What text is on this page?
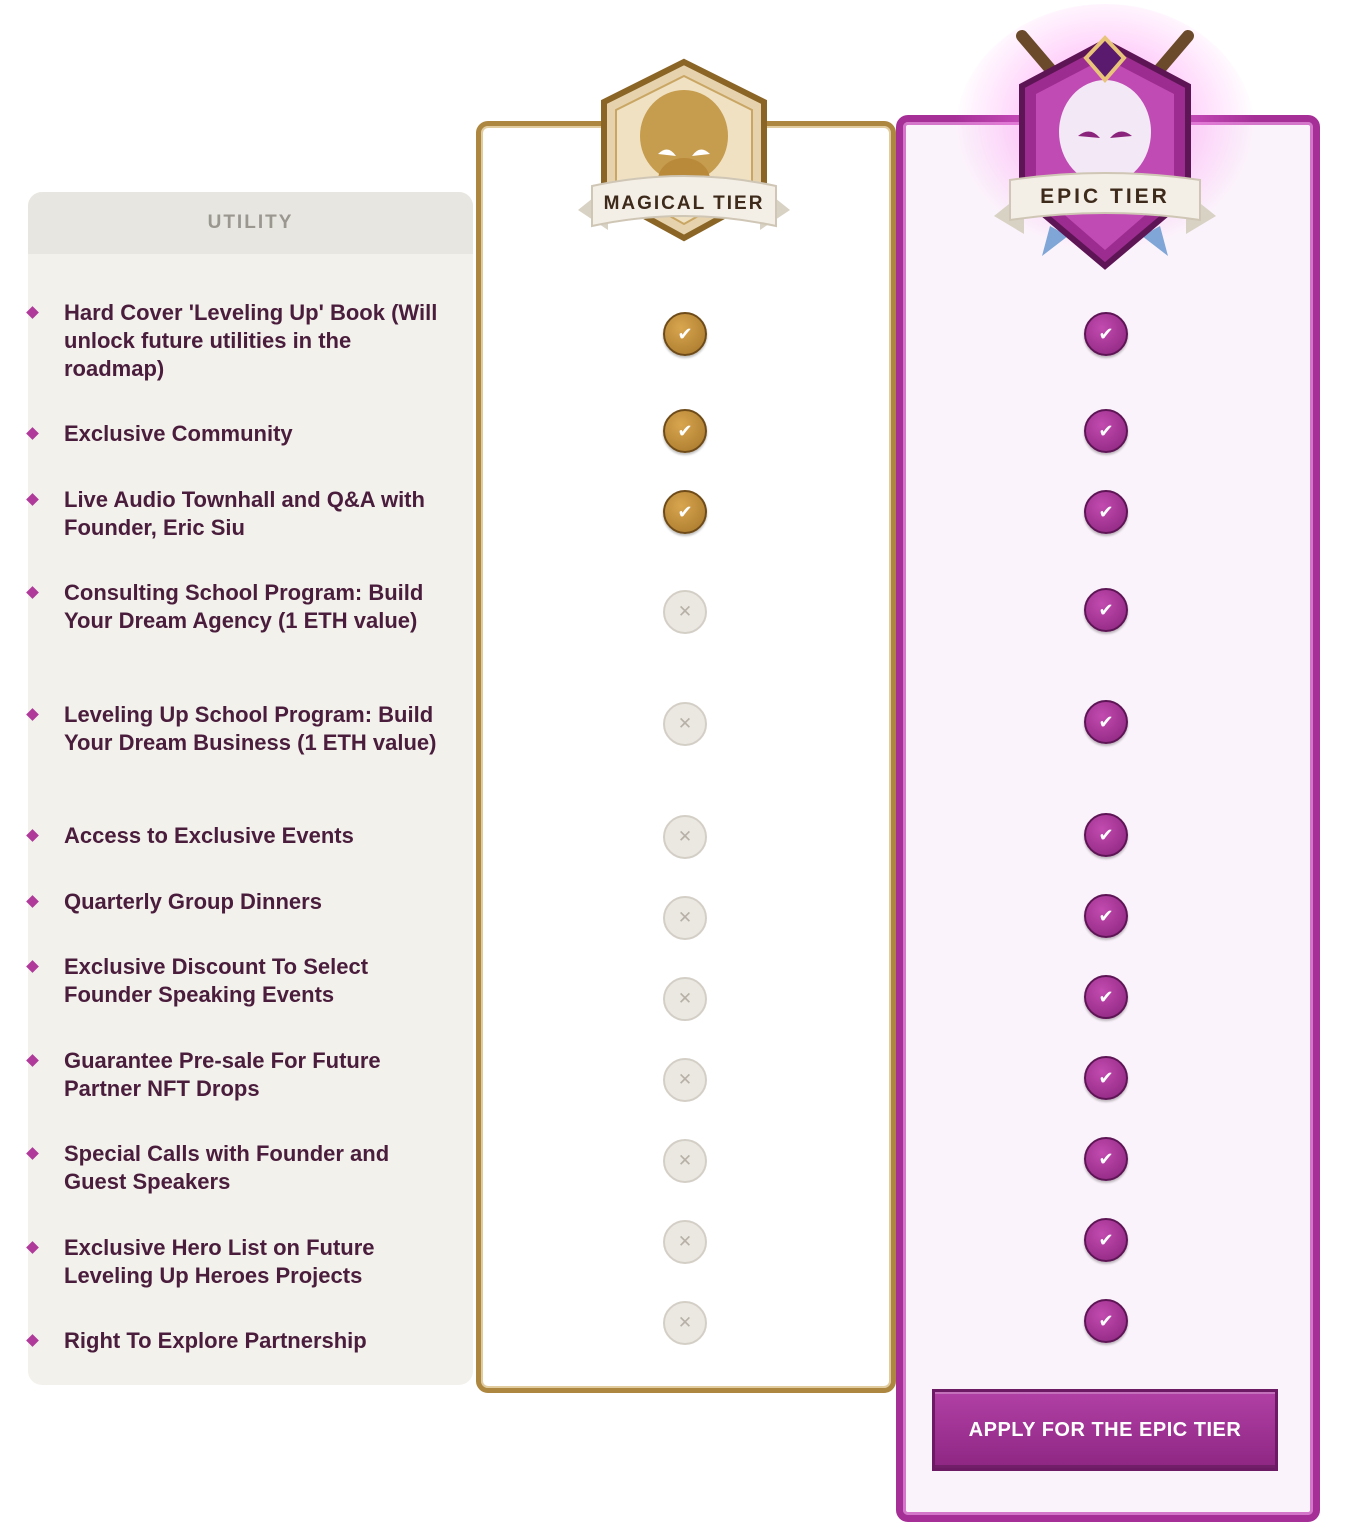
UTILITY
Hard Cover 'Leveling Up' Book (Will unlock future utilities in the roadmap)
Exclusive Community
Live Audio Townhall and Q&A with Founder, Eric Siu
Consulting School Program: Build Your Dream Agency (1 ETH value)
Leveling Up School Program: Build Your Dream Business (1 ETH value)
Access to Exclusive Events
Quarterly Group Dinners
Exclusive Discount To Select Founder Speaking Events
Guarantee Pre-sale For Future Partner NFT Drops
Special Calls with Founder and Guest Speakers
Exclusive Hero List on Future Leveling Up Heroes Projects
Right To Explore Partnership
MAGICAL TIER	EPIC TIER
✔
✔
✔
✕
✕
✕
✕
✕
✕
✕
✕
✕
✔
✔
✔
✔
✔
✔
✔
✔
✔
✔
✔
✔
APPLY FOR THE EPIC TIER
